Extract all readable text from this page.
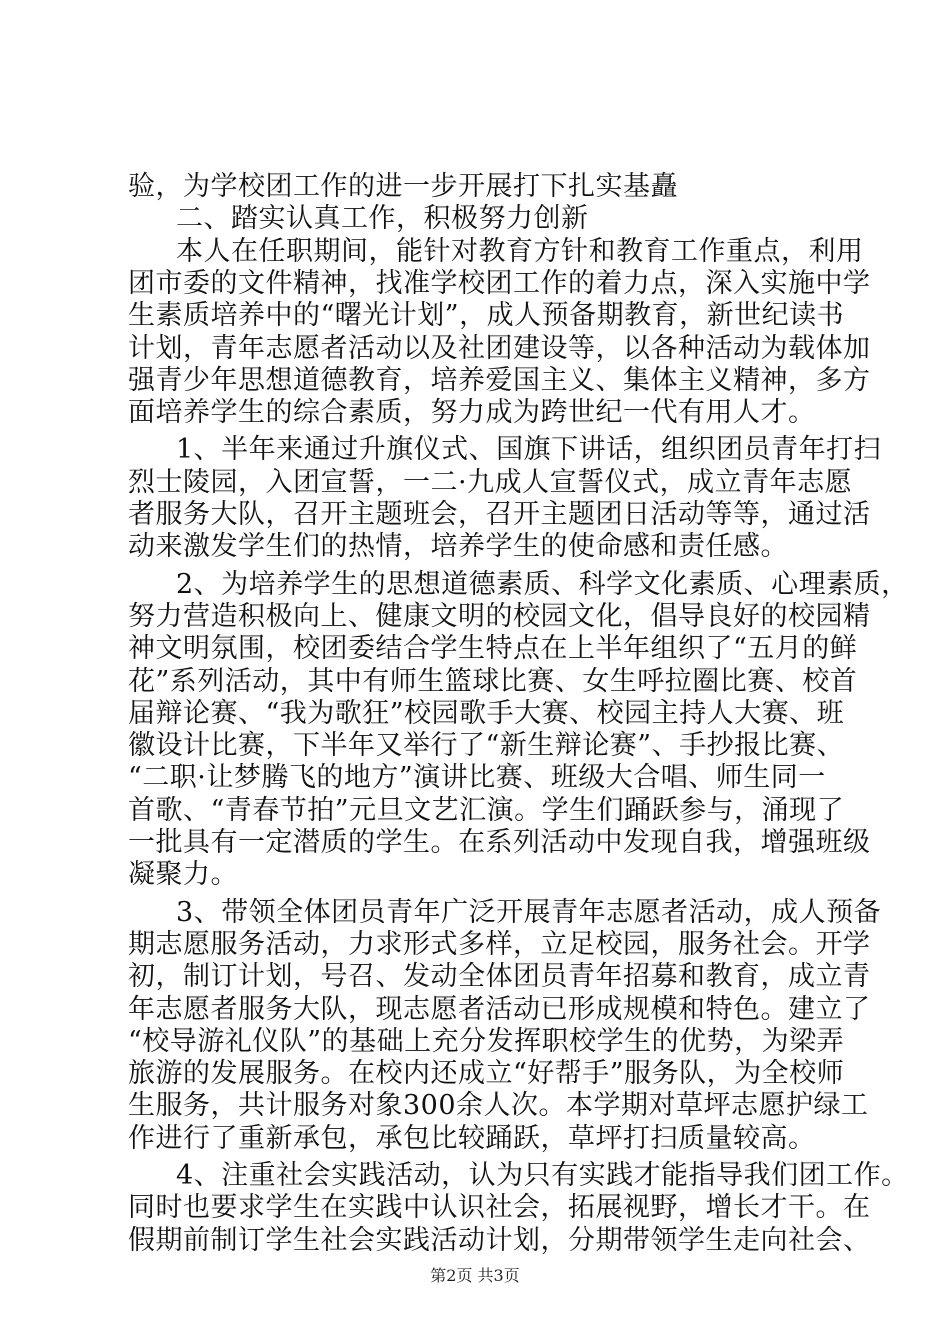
验，为学校团工作的进一步开展打下扎实基矗
二、踏实认真工作，积极努力创新
本人在任职期间，能针对教育方针和教育工作重点，利用
团市委的文件精神，找准学校团工作的着力点，深入实施中学
生素质培养中的“曙光计划”，成人预备期教育，新世纪读书
计划，青年志愿者活动以及社团建设等，以各种活动为载体加
强青少年思想道德教育，培养爱国主义、集体主义精神，多方
面培养学生的综合素质，努力成为跨世纪一代有用人才。
1、半年来通过升旗仪式、国旗下讲话，组织团员青年打扫
烈士陵园，入团宣誓，一二·九成人宣誓仪式，成立青年志愿
者服务大队，召开主题班会，召开主题团日活动等等，通过活
动来激发学生们的热情，培养学生的使命感和责任感。
2、为培养学生的思想道德素质、科学文化素质、心理素质，
努力营造积极向上、健康文明的校园文化，倡导良好的校园精
神文明氛围，校团委结合学生特点在上半年组织了“五月的鲜
花”系列活动，其中有师生篮球比赛、女生呼拉圈比赛、校首
届辩论赛、“我为歌狂”校园歌手大赛、校园主持人大赛、班
徽设计比赛，下半年又举行了“新生辩论赛”、手抄报比赛、
“二职·让梦腾飞的地方”演讲比赛、班级大合唱、师生同一
首歌、“青春节拍”元旦文艺汇演。学生们踊跃参与，涌现了
一批具有一定潜质的学生。在系列活动中发现自我，增强班级
凝聚力。
3、带领全体团员青年广泛开展青年志愿者活动，成人预备
期志愿服务活动，力求形式多样，立足校园，服务社会。开学
初，制订计划，号召、发动全体团员青年招募和教育，成立青
年志愿者服务大队，现志愿者活动已形成规模和特色。建立了
“校导游礼仪队”的基础上充分发挥职校学生的优势，为梁弄
旅游的发展服务。在校内还成立“好帮手”服务队，为全校师
生服务，共计服务对象300余人次。本学期对草坪志愿护绿工
作进行了重新承包，承包比较踊跃，草坪打扫质量较高。
4、注重社会实践活动，认为只有实践才能指导我们团工作。
同时也要求学生在实践中认识社会，拓展视野，增长才干。在
假期前制订学生社会实践活动计划，分期带领学生走向社会、
第2页 共3页
